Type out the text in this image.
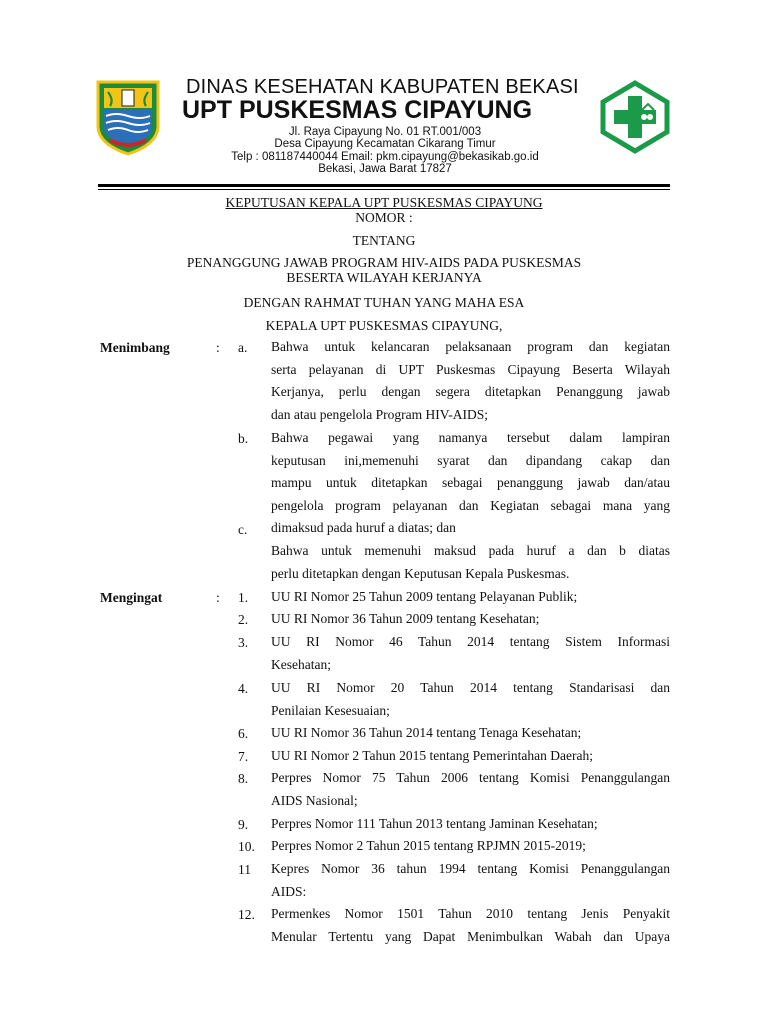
DINAS KESEHATAN KABUPATEN BEKASI
UPT PUSKESMAS CIPAYUNG
Jl. Raya Cipayung No. 01 RT.001/003
Desa Cipayung Kecamatan Cikarang Timur
Telp : 081187440044 Email: pkm.cipayung@bekasikab.go.id
Bekasi, Jawa Barat 17827
KEPUTUSAN KEPALA UPT PUSKESMAS CIPAYUNG
NOMOR :
TENTANG
PENANGGUNG JAWAB PROGRAM HIV-AIDS PADA PUSKESMAS
BESERTA WILAYAH KERJANYA
DENGAN RAHMAT TUHAN YANG MAHA ESA
KEPALA UPT PUSKESMAS CIPAYUNG,
Menimbang	: a. Bahwa untuk kelancaran pelaksanaan program dan kegiatan
serta pelayanan di UPT Puskesmas Cipayung Beserta Wilayah
Kerjanya, perlu dengan segera ditetapkan Penanggung jawab
dan atau pengelola Program HIV-AIDS;
b. Bahwa pegawai yang namanya tersebut dalam lampiran
keputusan ini,memenuhi syarat dan dipandang cakap dan
mampu untuk ditetapkan sebagai penanggung jawab dan/atau
pengelola program pelayanan dan Kegiatan sebagai mana yang
dimaksud pada huruf a diatas; dan
c.
Bahwa untuk memenuhi maksud pada huruf a dan b diatas
perlu ditetapkan dengan Keputusan Kepala Puskesmas.
Mengingat	: 1. UU RI Nomor 25 Tahun 2009 tentang Pelayanan Publik;
2. UU RI Nomor 36 Tahun 2009 tentang Kesehatan;
3. UU RI Nomor 46 Tahun 2014 tentang Sistem Informasi
Kesehatan;
4. UU RI Nomor 20 Tahun 2014 tentang Standarisasi dan
Penilaian Kesesuaian;
6. UU RI Nomor 36 Tahun 2014 tentang Tenaga Kesehatan;
7. UU RI Nomor 2 Tahun 2015 tentang Pemerintahan Daerah;
8. Perpres Nomor 75 Tahun 2006 tentang Komisi Penanggulangan
AIDS Nasional;
9. Perpres Nomor 111 Tahun 2013 tentang Jaminan Kesehatan;
10. Perpres Nomor 2 Tahun 2015 tentang RPJMN 2015-2019;
11 Kepres Nomor 36 tahun 1994 tentang Komisi Penanggulangan
AIDS:
12. Permenkes Nomor 1501 Tahun 2010 tentang Jenis Penyakit
Menular Tertentu yang Dapat Menimbulkan Wabah dan Upaya
